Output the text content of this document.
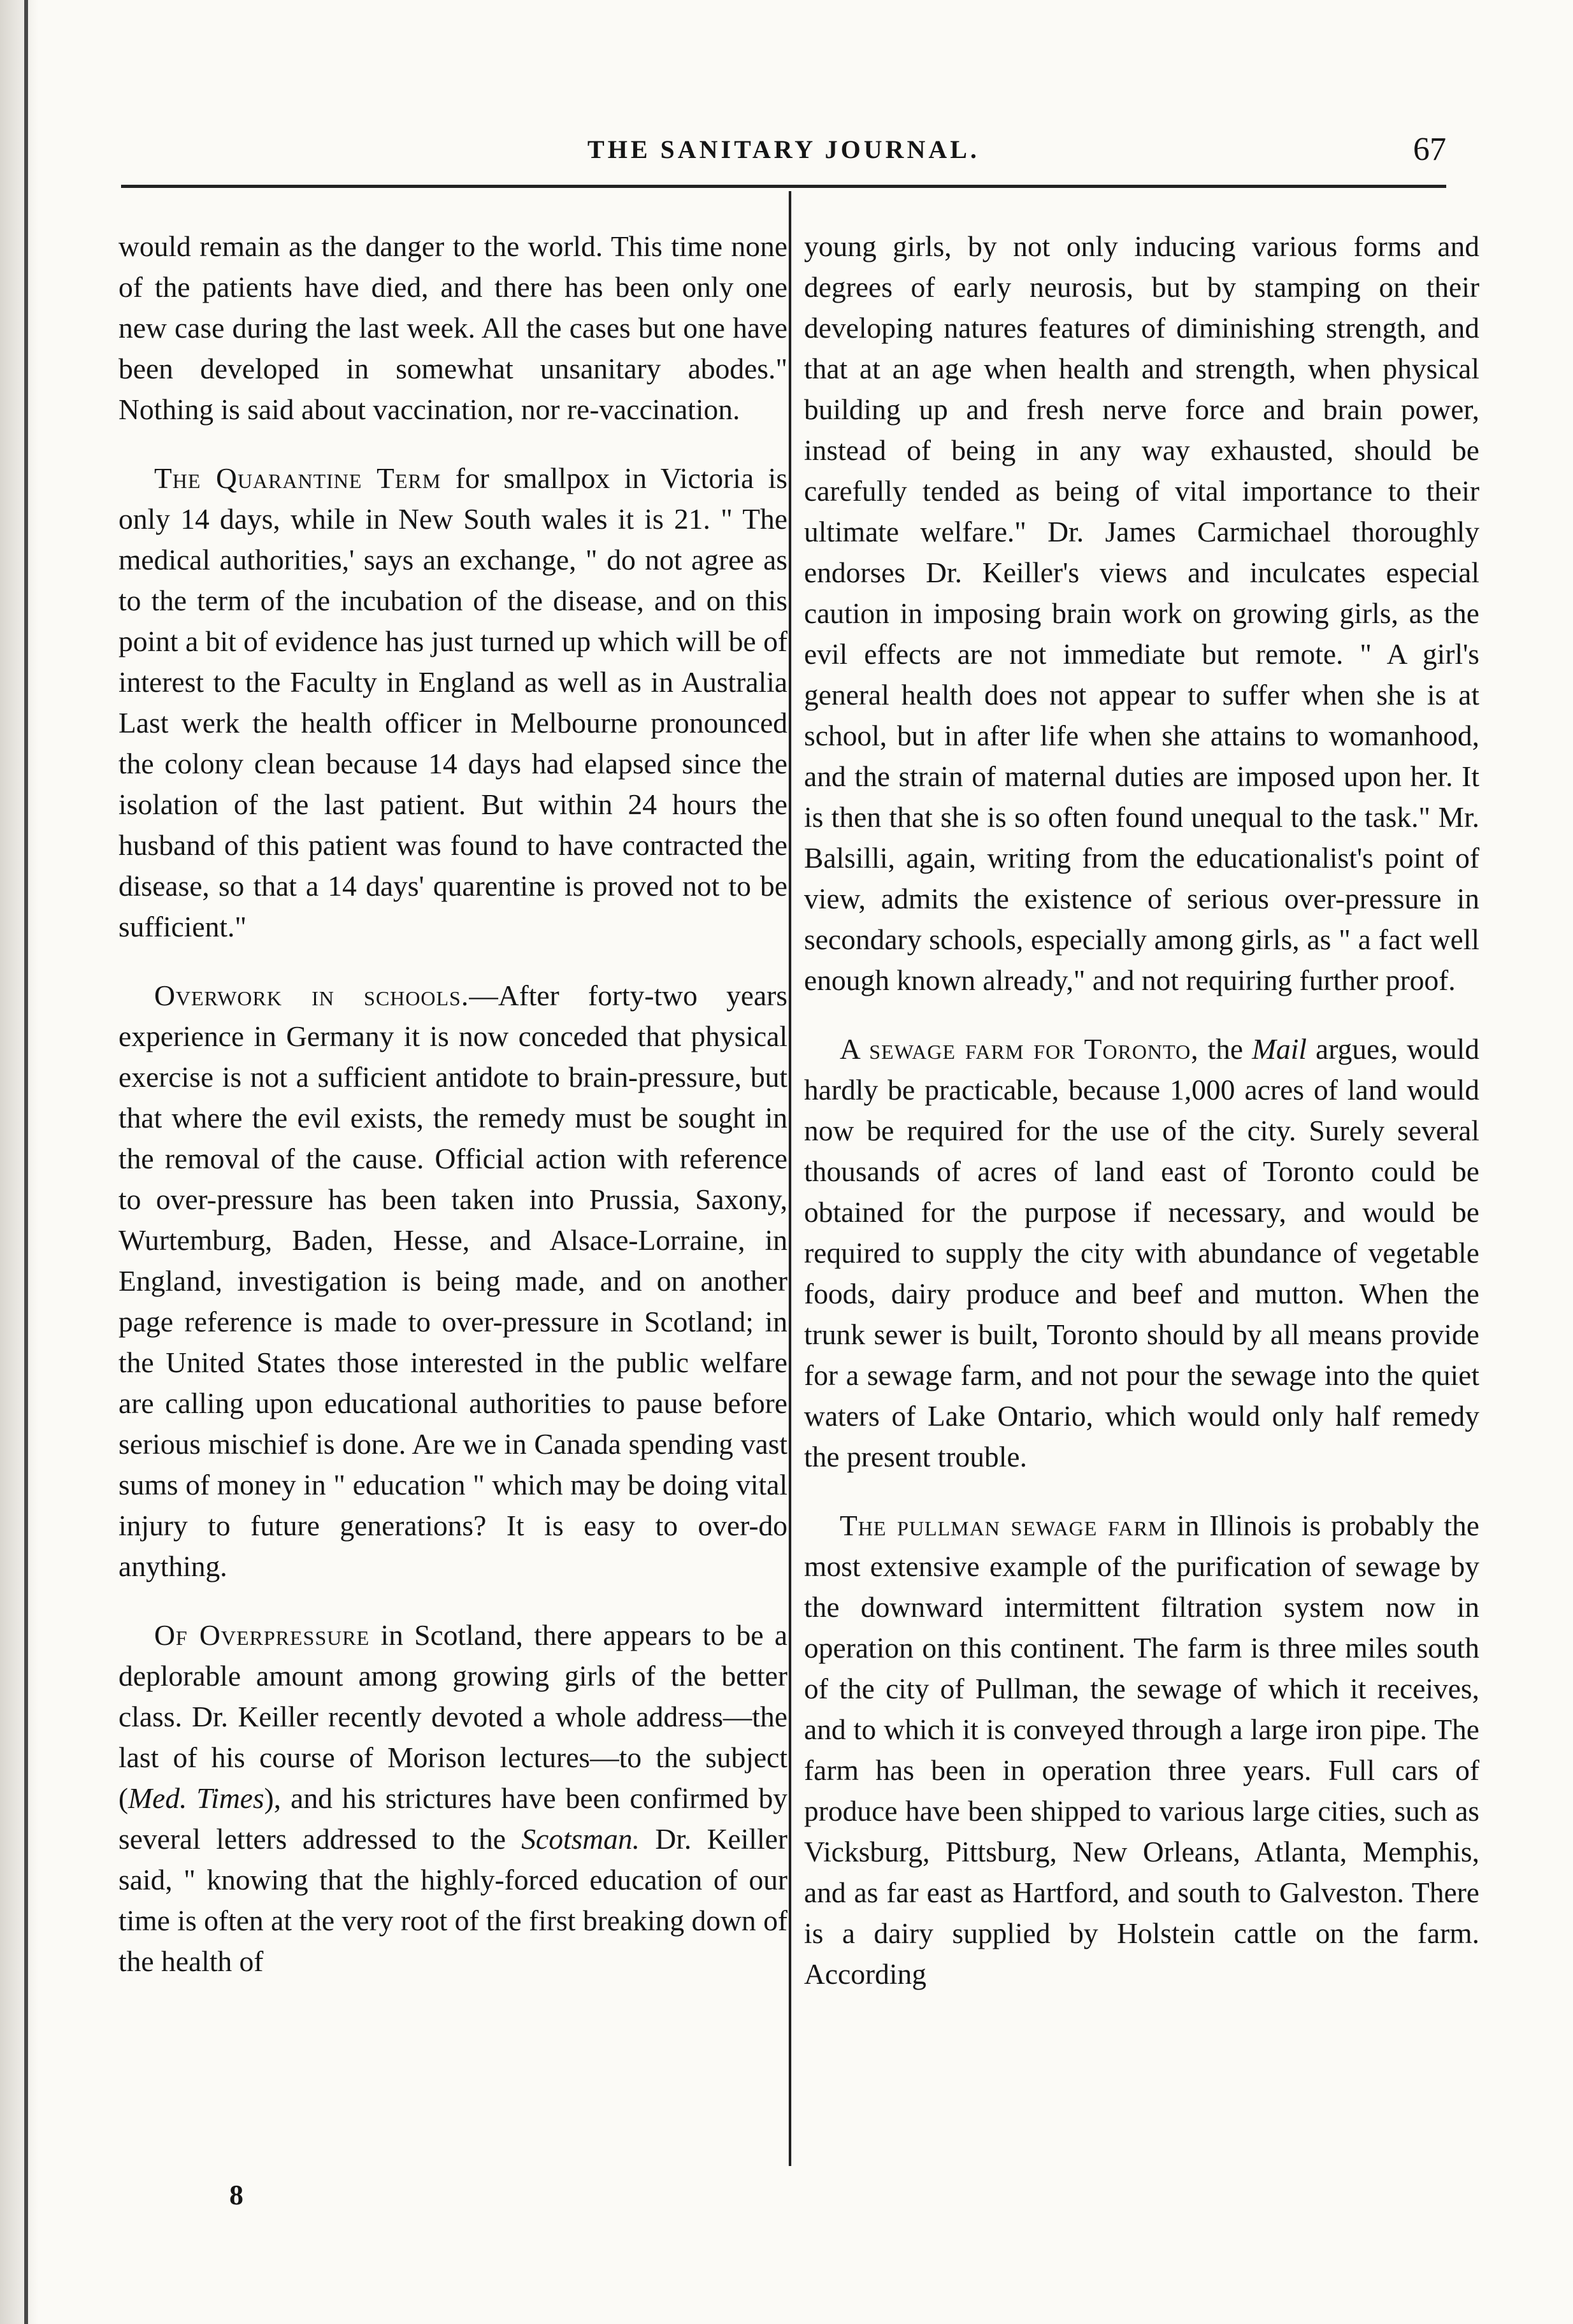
THE SANITARY JOURNAL.	67

would remain as the danger to the world. This time none of the patients have died, and there has been only one new case during the last week. All the cases but one have been developed in somewhat unsanitary abodes." Nothing is said about vaccination, nor re-vaccination.

The Quarantine Term for smallpox in Victoria is only 14 days, while in New South wales it is 21. " The medical authorities,' says an exchange, " do not agree as to the term of the incubation of the disease, and on this point a bit of evidence has just turned up which will be of interest to the Faculty in England as well as in Australia Last werk the health officer in Melbourne pronounced the colony clean because 14 days had elapsed since the isolation of the last patient. But within 24 hours the husband of this patient was found to have contracted the disease, so that a 14 days' quarentine is proved not to be sufficient."

Overwork in schools.—After forty-two years experience in Germany it is now conceded that physical exercise is not a sufficient antidote to brain-pressure, but that where the evil exists, the remedy must be sought in the removal of the cause. Official action with reference to over-pressure has been taken into Prussia, Saxony, Wurtemburg, Baden, Hesse, and Alsace-Lorraine, in England, investigation is being made, and on another page reference is made to over-pressure in Scotland; in the United States those interested in the public welfare are calling upon educational authorities to pause before serious mischief is done. Are we in Canada spending vast sums of money in " education " which may be doing vital injury to future generations? It is easy to over-do anything.

Of Overpressure in Scotland, there appears to be a deplorable amount among growing girls of the better class. Dr. Keiller recently devoted a whole address—the last of his course of Morison lectures—to the subject (Med. Times), and his strictures have been confirmed by several letters addressed to the Scotsman. Dr. Keiller said, " knowing that the highly-forced education of our time is often at the very root of the first breaking down of the health of

young girls, by not only inducing various forms and degrees of early neurosis, but by stamping on their developing natures features of diminishing strength, and that at an age when health and strength, when physical building up and fresh nerve force and brain power, instead of being in any way exhausted, should be carefully tended as being of vital importance to their ultimate welfare." Dr. James Carmichael thoroughly endorses Dr. Keiller's views and inculcates especial caution in imposing brain work on growing girls, as the evil effects are not immediate but remote. " A girl's general health does not appear to suffer when she is at school, but in after life when she attains to womanhood, and the strain of maternal duties are imposed upon her. It is then that she is so often found unequal to the task." Mr. Balsilli, again, writing from the educationalist's point of view, admits the existence of serious over-pressure in secondary schools, especially among girls, as " a fact well enough known already," and not requiring further proof.

A sewage farm for Toronto, the Mail argues, would hardly be practicable, because 1,000 acres of land would now be required for the use of the city. Surely several thousands of acres of land east of Toronto could be obtained for the purpose if necessary, and would be required to supply the city with abundance of vegetable foods, dairy produce and beef and mutton. When the trunk sewer is built, Toronto should by all means provide for a sewage farm, and not pour the sewage into the quiet waters of Lake Ontario, which would only half remedy the present trouble.

The pullman sewage farm in Illinois is probably the most extensive example of the purification of sewage by the downward intermittent filtration system now in operation on this continent. The farm is three miles south of the city of Pullman, the sewage of which it receives, and to which it is conveyed through a large iron pipe. The farm has been in operation three years. Full cars of produce have been shipped to various large cities, such as Vicksburg, Pittsburg, New Orleans, Atlanta, Memphis, and as far east as Hartford, and south to Galveston. There is a dairy supplied by Holstein cattle on the farm. According

8
